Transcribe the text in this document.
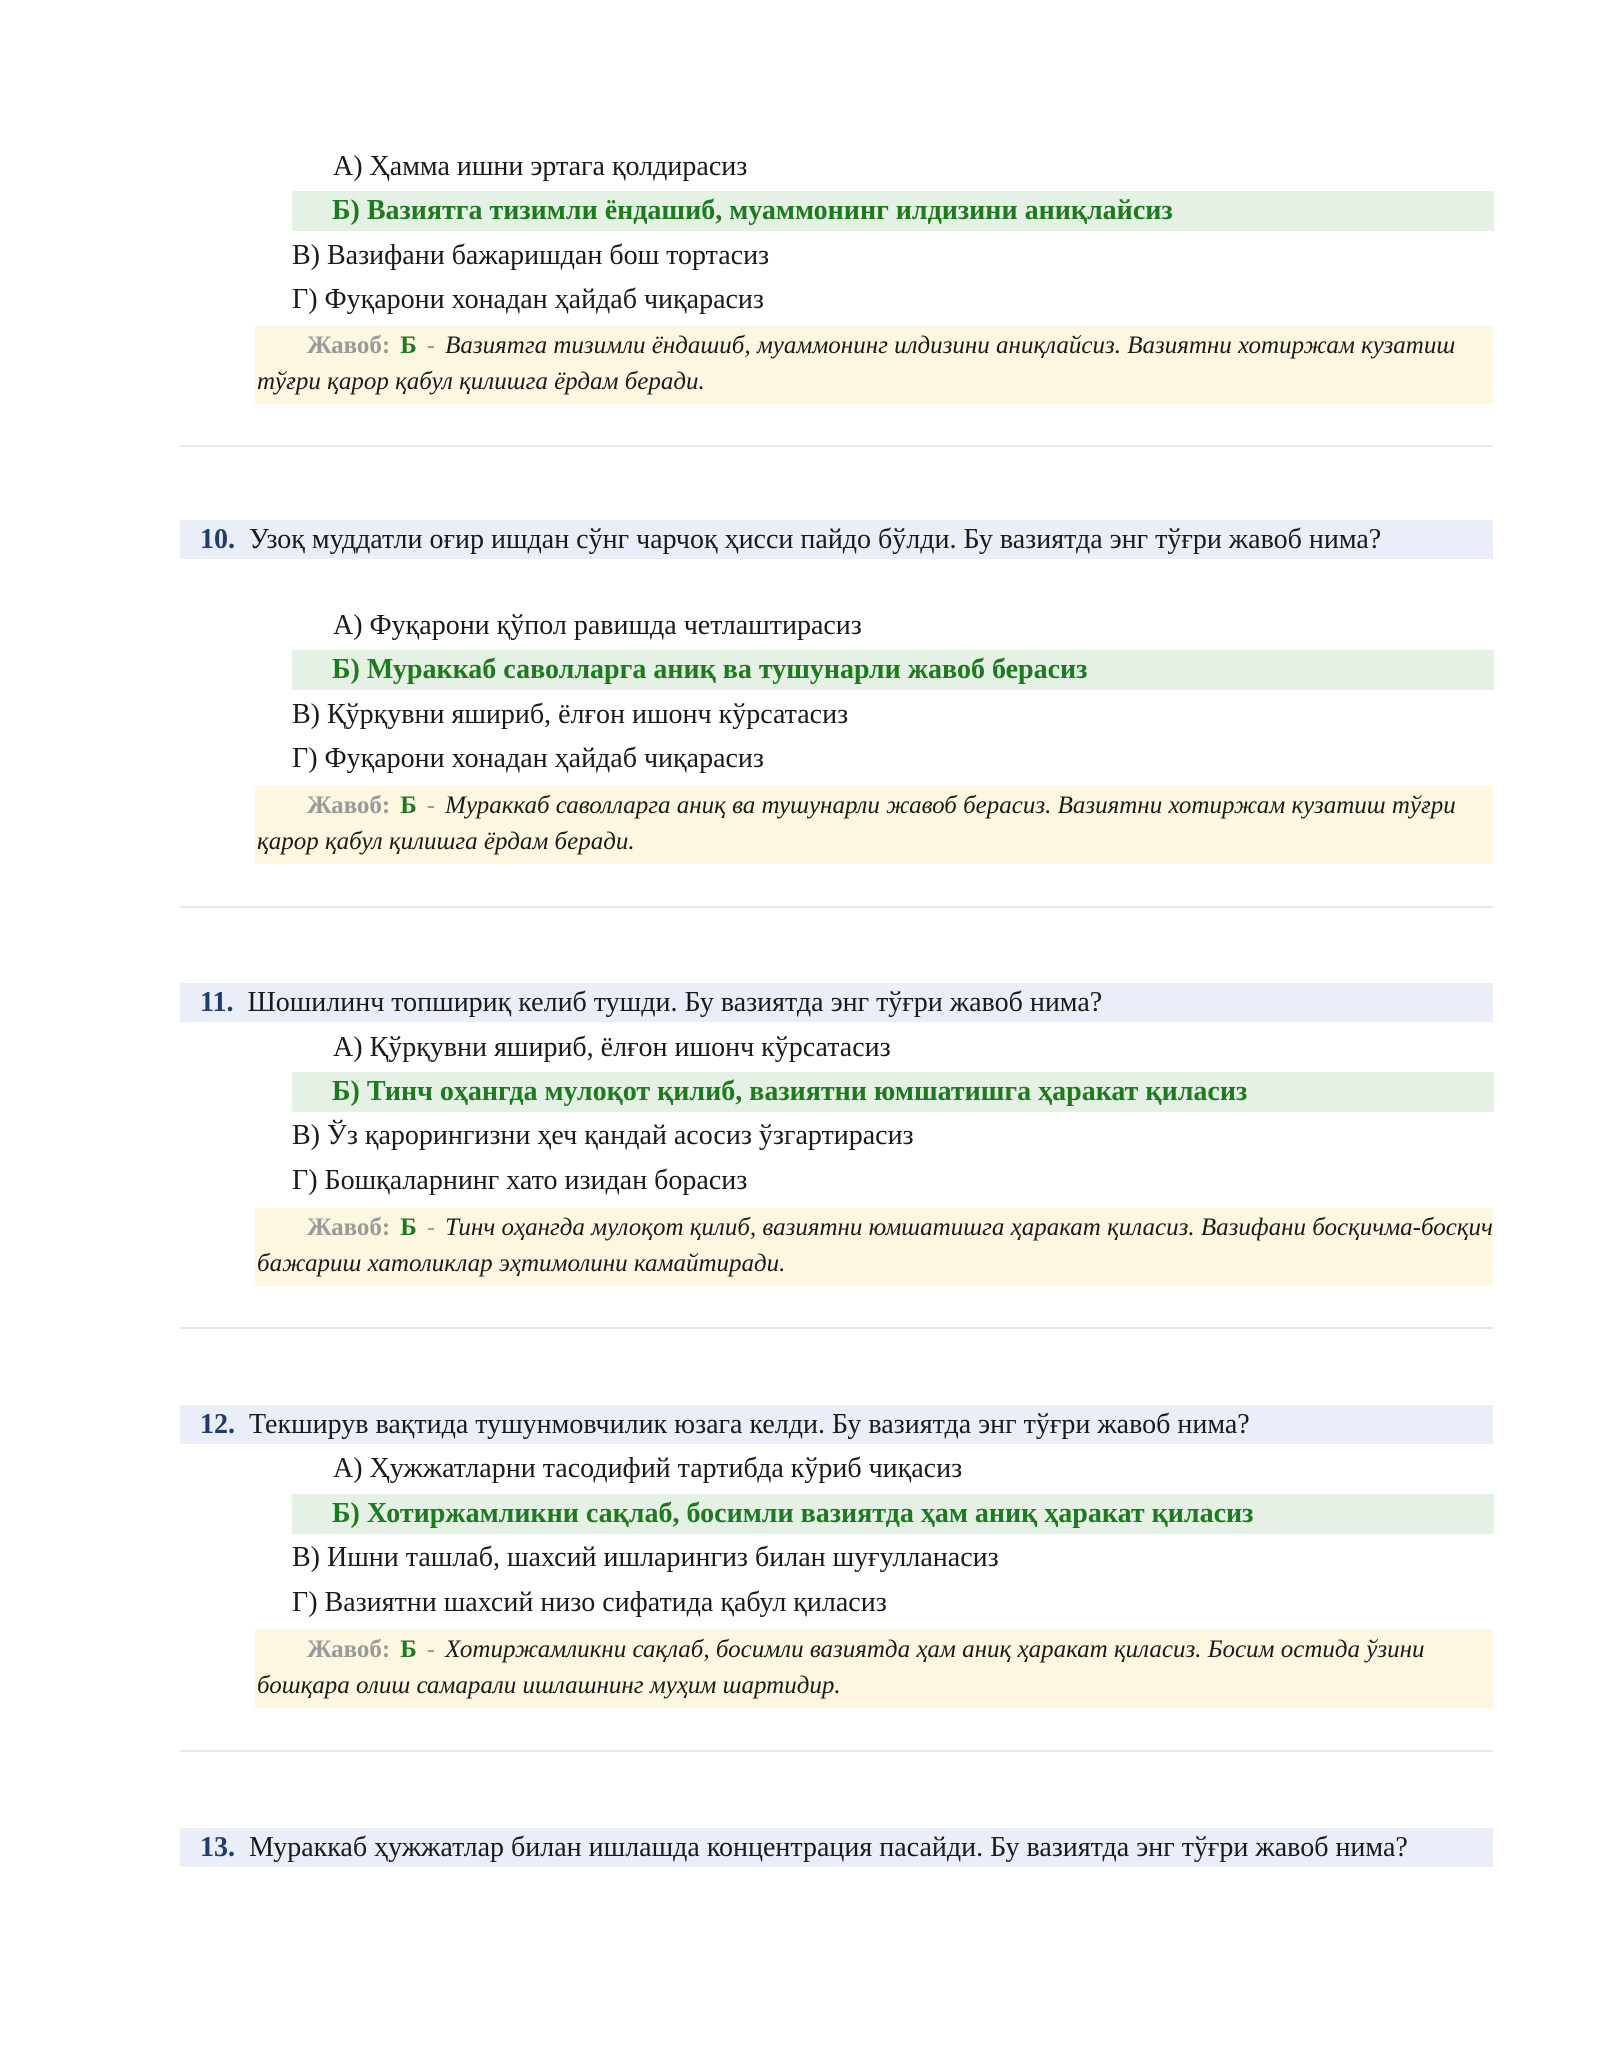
А) Ҳамма ишни эртага қолдирасиз
Б) Вазиятга тизимли ёндашиб, муаммонинг илдизини аниқлайсиз
В) Вазифани бажаришдан бош тортасиз
Г) Фуқарони хонадан ҳайдаб чиқарасиз
Жавоб: Б - Вазиятга тизимли ёндашиб, муаммонинг илдизини аниқлайсиз. Вазиятни хотиржам кузатиш тўғри қарор қабул қилишга ёрдам беради.
10. Узоқ муддатли оғир ишдан сўнг чарчоқ ҳисси пайдо бўлди. Бу вазиятда энг тўғри жавоб нима?
А) Фуқарони қўпол равишда четлаштирасиз
Б) Мураккаб саволларга аниқ ва тушунарли жавоб берасиз
В) Қўрқувни яшириб, ёлғон ишонч кўрсатасиз
Г) Фуқарони хонадан ҳайдаб чиқарасиз
Жавоб: Б - Мураккаб саволларга аниқ ва тушунарли жавоб берасиз. Вазиятни хотиржам кузатиш тўғри қарор қабул қилишга ёрдам беради.
11. Шошилинч топшириқ келиб тушди. Бу вазиятда энг тўғри жавоб нима?
А) Қўрқувни яшириб, ёлғон ишонч кўрсатасиз
Б) Тинч оҳангда мулоқот қилиб, вазиятни юмшатишга ҳаракат қиласиз
В) Ўз қарорингизни ҳеч қандай асосиз ўзгартирасиз
Г) Бошқаларнинг хато изидан борасиз
Жавоб: Б - Тинч оҳангда мулоқот қилиб, вазиятни юмшатишга ҳаракат қиласиз. Вазифани босқичма-босқич бажариш хатоликлар эҳтимолини камайтиради.
12. Текширув вақтида тушунмовчилик юзага келди. Бу вазиятда энг тўғри жавоб нима?
А) Ҳужжатларни тасодифий тартибда кўриб чиқасиз
Б) Хотиржамликни сақлаб, босимли вазиятда ҳам аниқ ҳаракат қиласиз
В) Ишни ташлаб, шахсий ишларингиз билан шуғулланасиз
Г) Вазиятни шахсий низо сифатида қабул қиласиз
Жавоб: Б - Хотиржамликни сақлаб, босимли вазиятда ҳам аниқ ҳаракат қиласиз. Босим остида ўзини бошқара олиш самарали ишлашнинг муҳим шартидир.
13. Мураккаб ҳужжатлар билан ишлашда концентрация пасайди. Бу вазиятда энг тўғри жавоб нима?
